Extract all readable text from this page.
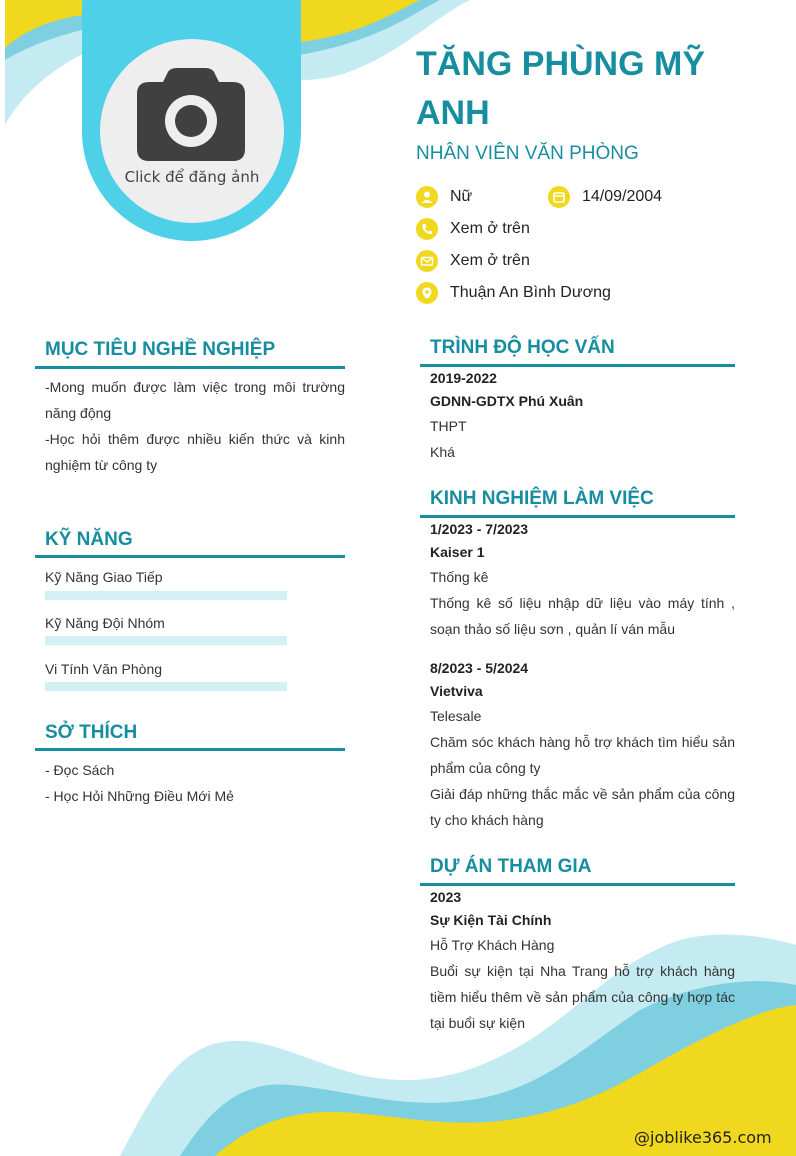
Click để đăng ảnh
TĂNG PHÙNG MỸ ANH
NHÂN VIÊN VĂN PHÒNG
Nữ	14/09/2004
Xem ở trên
Xem ở trên
Thuận An Bình Dương
MỤC TIÊU NGHỀ NGHIỆP
-Mong muốn được làm việc trong môi trường năng động
-Học hỏi thêm được nhiều kiến thức và kinh nghiệm từ công ty
KỸ NĂNG
Kỹ Năng Giao Tiếp
Kỹ Năng Đội Nhóm
Vi Tính Văn Phòng
SỞ THÍCH
- Đọc Sách
- Học Hỏi Những Điều Mới Mẻ
TRÌNH ĐỘ HỌC VẤN
2019-2022
GDNN-GDTX Phú Xuân
THPT
Khá
KINH NGHIỆM LÀM VIỆC
1/2023 - 7/2023
Kaiser 1
Thống kê
Thống kê số liệu nhập dữ liệu vào máy tính , soạn thảo số liệu sơn , quản lí ván mẫu
8/2023 - 5/2024
Vietviva
Telesale
Chăm sóc khách hàng hỗ trợ khách tìm hiểu sản phẩm của công ty
Giải đáp những thắc mắc về sản phẩm của công ty cho khách hàng
DỰ ÁN THAM GIA
2023
Sự Kiện Tài Chính
Hỗ Trợ Khách Hàng
Buổi sự kiện tại Nha Trang hỗ trợ khách hàng tiềm hiểu thêm về sản phẩm của công ty hợp tác tại buổi sự kiện
@joblike365.com
